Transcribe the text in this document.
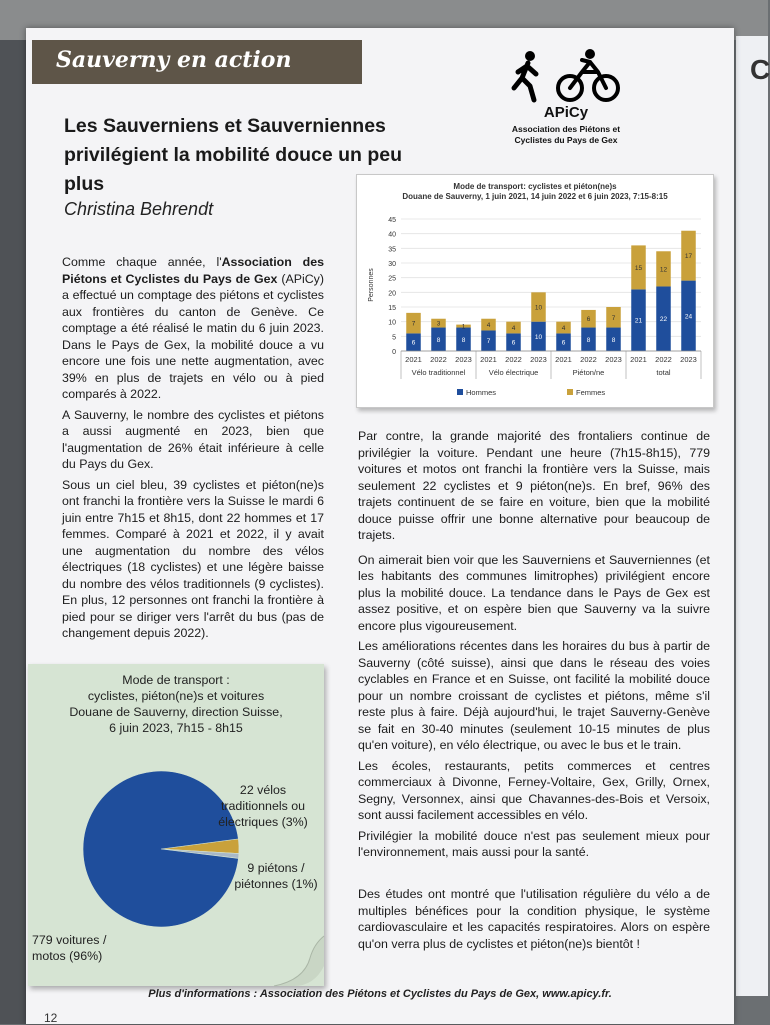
C
Sauverny en action
Les Sauverniens et Sauverniennes privilégient la mobilité douce un peu plus
Christina Behrendt
APiCy
Association des Piétons et
Cyclistes du Pays de Gex
Mode de transport: cyclistes et piéton(ne)s
Douane de Sauverny, 1 juin 2021, 14 juin 2022 et 6 juin 2023, 7:15-8:15
0
5
10
15
20
25
30
35
40
45
Personnes
6
7
2021
8
3
2022
8
1
2023
7
4
2021
6
4
2022
10
10
2023
6
4
2021
8
6
2022
8
7
2023
21
15
2021
22
12
2022
24
17
2023
Vélo traditionnel	Vélo électrique	Piéton/ne	total
Hommes	Femmes

Comme chaque année, l'Association des Piétons et Cyclistes du Pays de Gex (APiCy) a effectué un comptage des piétons et cyclistes aux frontières du canton de Genève. Ce comptage a été réalisé le matin du 6 juin 2023. Dans le Pays de Gex, la mobilité douce a vu encore une fois une nette augmentation, avec 39% en plus de trajets en vélo ou à pied comparés à 2022.

A Sauverny, le nombre des cyclistes et piétons a aussi augmenté en 2023, bien que l'augmentation de 26% était inférieure à celle du Pays du Gex.

Sous un ciel bleu, 39 cyclistes et piéton(ne)s ont franchi la frontière vers la Suisse le mardi 6 juin entre 7h15 et 8h15, dont 22 hommes et 17 femmes. Comparé à 2021 et 2022, il y avait une augmentation du nombre des vélos électriques (18 cyclistes) et une légère baisse du nombre des vélos traditionnels (9 cyclistes). En plus, 12 personnes ont franchi la frontière à pied pour se diriger vers l'arrêt du bus (pas de changement depuis 2022).

Par contre, la grande majorité des frontaliers continue de privilégier la voiture. Pendant une heure (7h15-8h15), 779 voitures et motos ont franchi la frontière vers la Suisse, mais seulement 22 cyclistes et 9 piéton(ne)s. En bref, 96% des trajets continuent de se faire en voiture, bien que la mobilité douce puisse offrir une bonne alternative pour beaucoup de trajets.

On aimerait bien voir que les Sauverniens et Sauverniennes (et les habitants des communes limitrophes) privilégient encore plus la mobilité douce. La tendance dans le Pays de Gex est assez positive, et on espère bien que Sauverny va la suivre encore plus vigoureusement.

Les améliorations récentes dans les horaires du bus à partir de Sauverny (côté suisse), ainsi que dans le réseau des voies cyclables en France et en Suisse, ont facilité la mobilité douce pour un nombre croissant de cyclistes et piétons, même s'il reste plus à faire. Déjà aujourd'hui, le trajet Sauverny-Genève se fait en 30-40 minutes (seulement 10-15 minutes de plus qu'en voiture), en vélo électrique, ou avec le bus et le train.

Les écoles, restaurants, petits commerces et centres commerciaux à Divonne, Ferney-Voltaire, Gex, Grilly, Ornex, Segny, Versonnex, ainsi que Chavannes-des-Bois et Versoix, sont aussi facilement accessibles en vélo.

Privilégier la mobilité douce n'est pas seulement mieux pour l'environnement, mais aussi pour la santé.

Des études ont montré que l'utilisation régulière du vélo a de multiples bénéfices pour la condition physique, le système cardiovasculaire et les capacités respiratoires. Alors on espère qu'on verra plus de cyclistes et piéton(ne)s bientôt !

Mode de transport :
cyclistes, piéton(ne)s et voitures
Douane de Sauverny, direction Suisse,
6 juin 2023, 7h15 - 8h15
22 vélos
traditionnels ou
électriques (3%)
9 piétons /
piétonnes (1%)
779 voitures /
motos (96%)
Plus d'informations : Association des Piétons et Cyclistes du Pays de Gex, www.apicy.fr.
12
